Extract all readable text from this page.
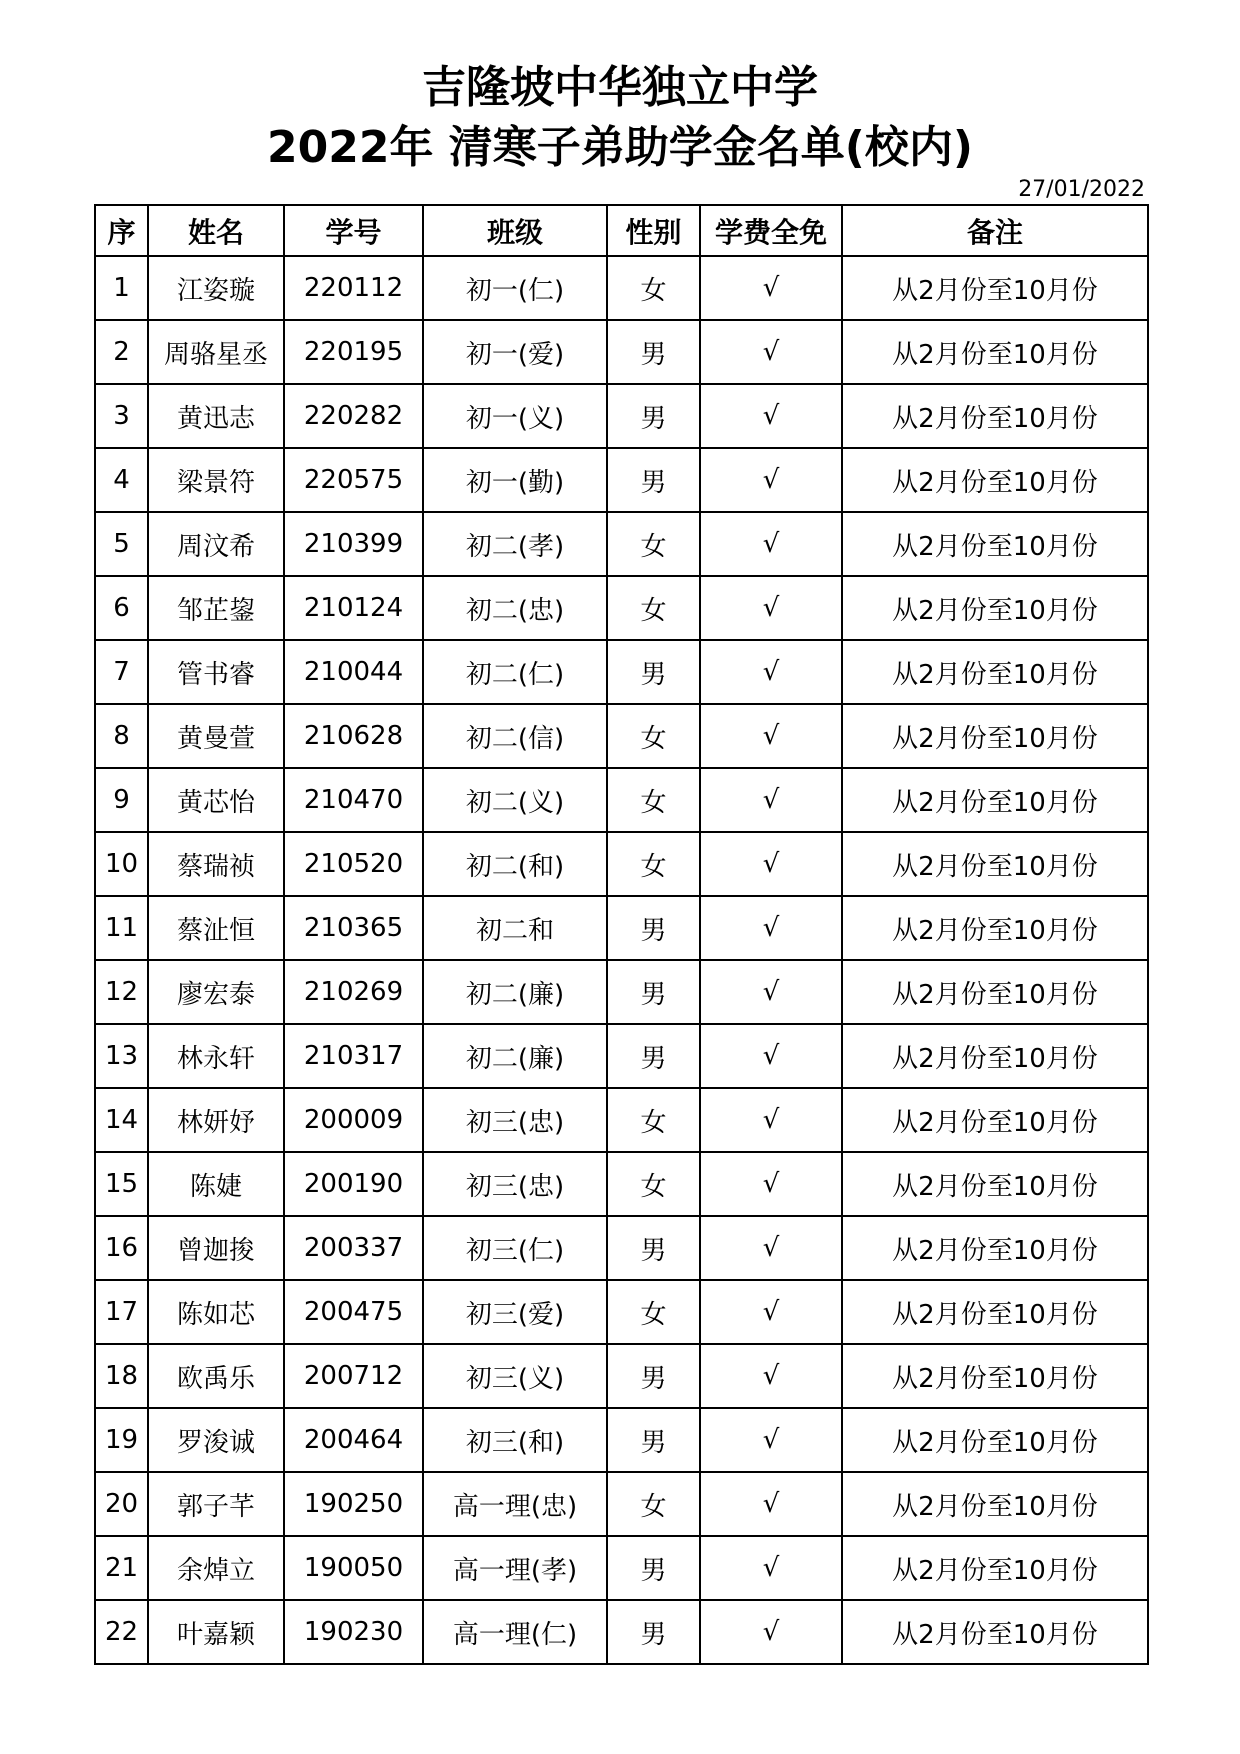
吉隆坡中华独立中学
2022年 清寒子弟助学金名单(校内)
27/01/2022
序	姓名	学号	班级	性别	学费全免	备注
1	江姿璇	220112	初一(仁)	女	√	从2月份至10月份
2	周骆星丞	220195	初一(爱)	男	√	从2月份至10月份
3	黄迅志	220282	初一(义)	男	√	从2月份至10月份
4	梁景符	220575	初一(勤)	男	√	从2月份至10月份
5	周汶希	210399	初二(孝)	女	√	从2月份至10月份
6	邹芷鋆	210124	初二(忠)	女	√	从2月份至10月份
7	管书睿	210044	初二(仁)	男	√	从2月份至10月份
8	黄曼萱	210628	初二(信)	女	√	从2月份至10月份
9	黄芯怡	210470	初二(义)	女	√	从2月份至10月份
10	蔡瑞祯	210520	初二(和)	女	√	从2月份至10月份
11	蔡沚恒	210365	初二和	男	√	从2月份至10月份
12	廖宏泰	210269	初二(廉)	男	√	从2月份至10月份
13	林永轩	210317	初二(廉)	男	√	从2月份至10月份
14	林妍妤	200009	初三(忠)	女	√	从2月份至10月份
15	陈婕	200190	初三(忠)	女	√	从2月份至10月份
16	曾迦捘	200337	初三(仁)	男	√	从2月份至10月份
17	陈如芯	200475	初三(爱)	女	√	从2月份至10月份
18	欧禹乐	200712	初三(义)	男	√	从2月份至10月份
19	罗浚诚	200464	初三(和)	男	√	从2月份至10月份
20	郭子芊	190250	高一理(忠)	女	√	从2月份至10月份
21	余焯立	190050	高一理(孝)	男	√	从2月份至10月份
22	叶嘉颖	190230	高一理(仁)	男	√	从2月份至10月份
